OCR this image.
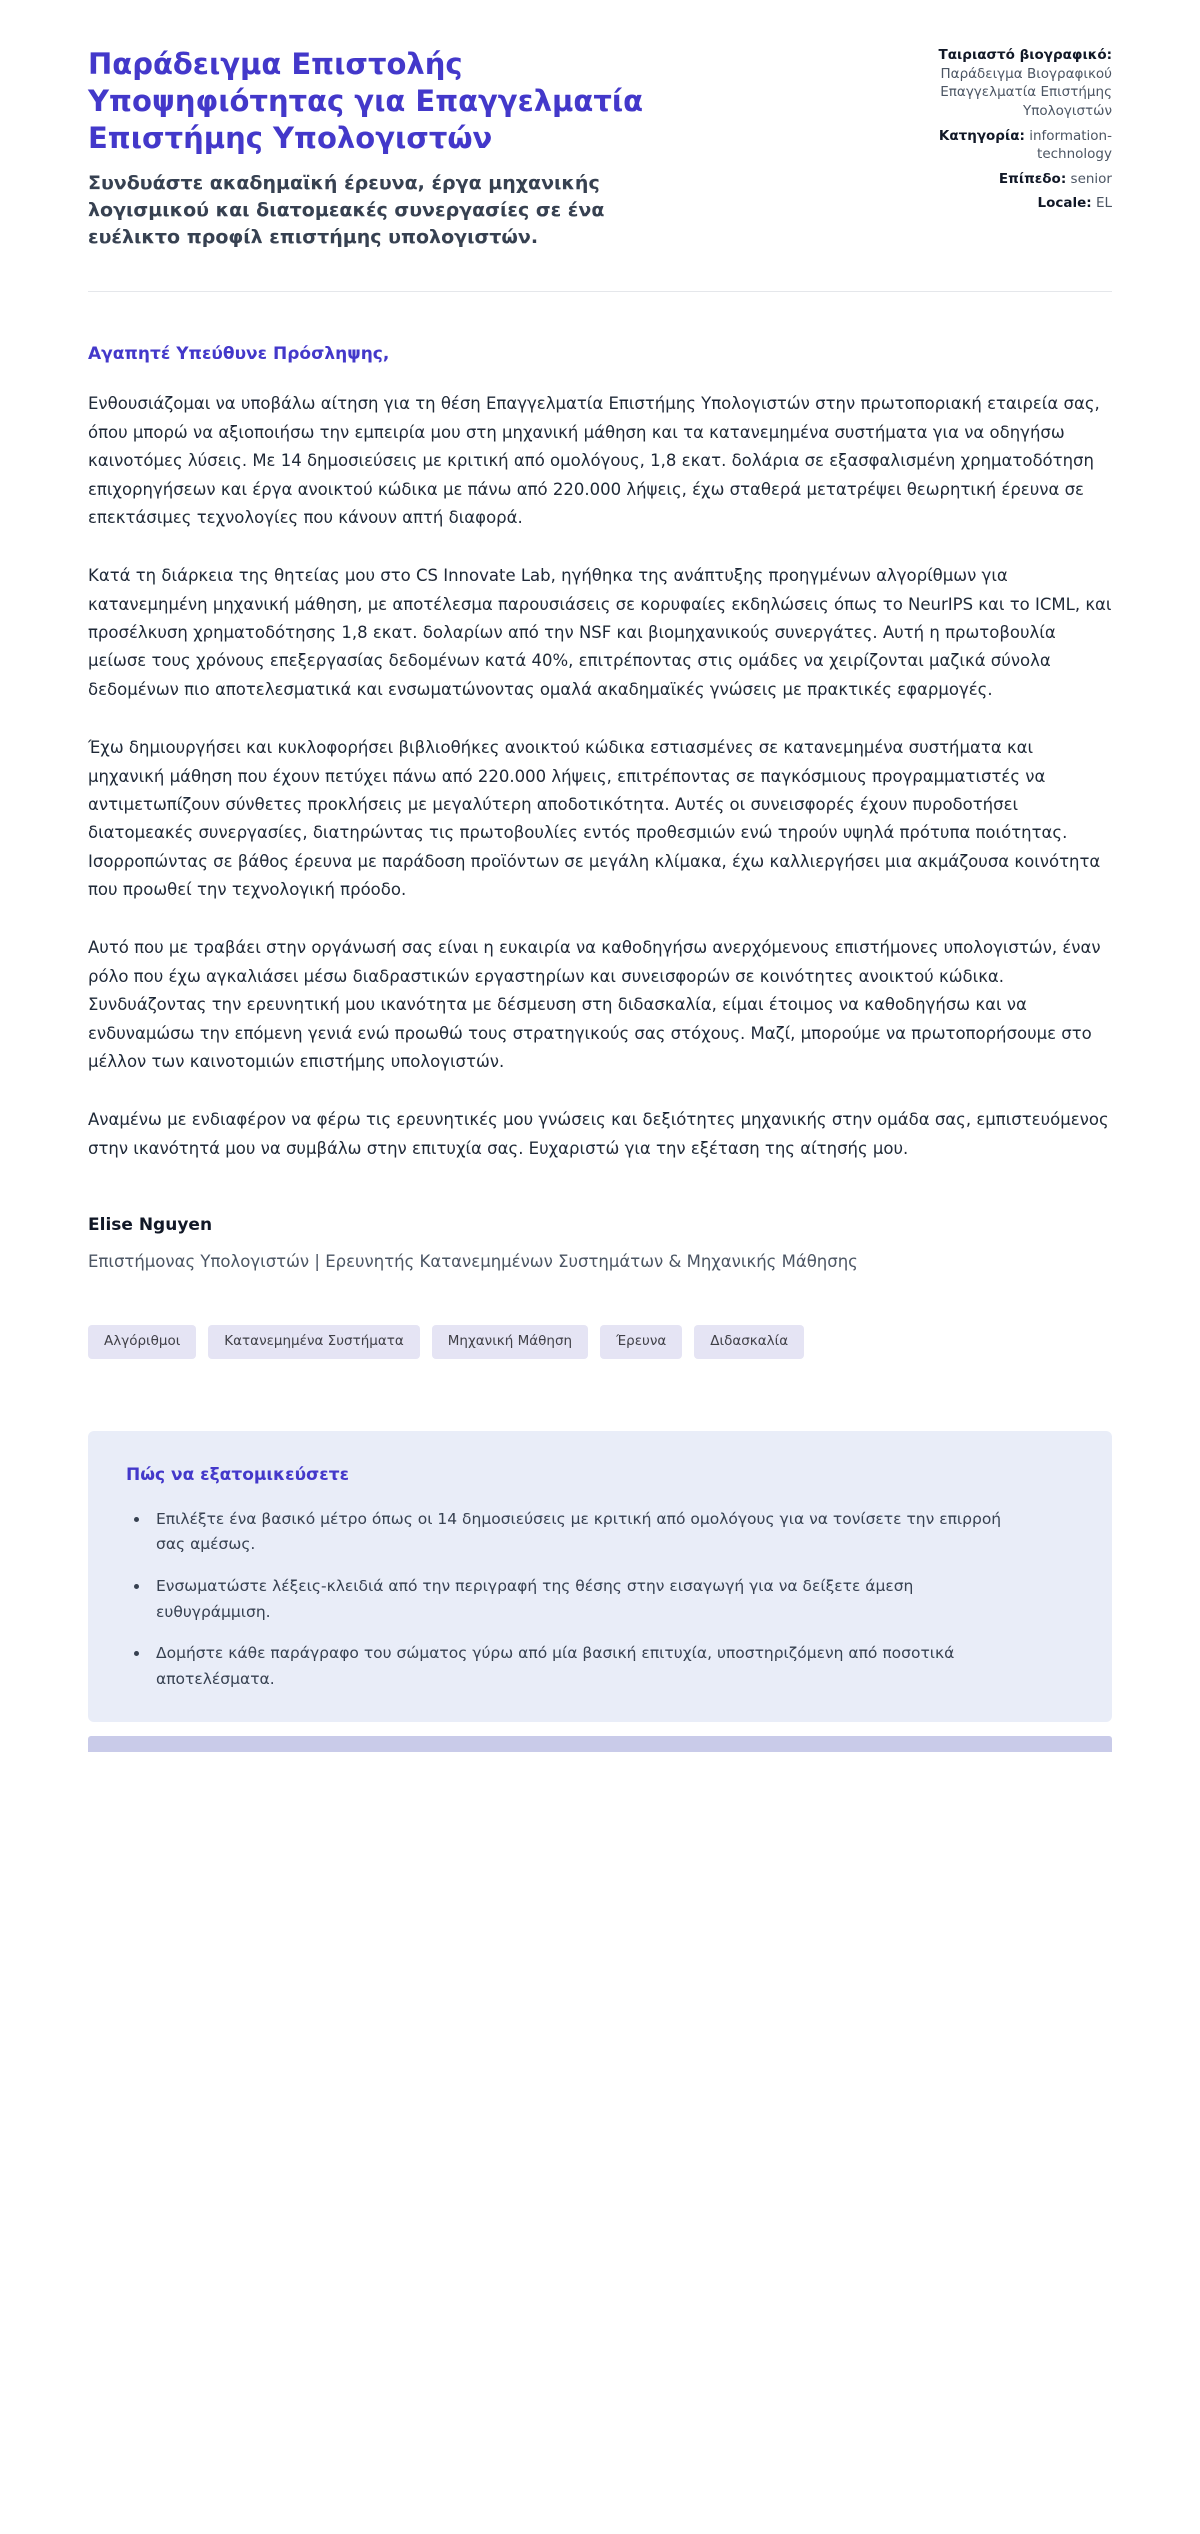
Παράδειγμα Επιστολής Υποψηφιότητας για Επαγγελματία Επιστήμης Υπολογιστών

Συνδυάστε ακαδημαϊκή έρευνα, έργα μηχανικής λογισμικού και διατομεακές συνεργασίες σε ένα ευέλικτο προφίλ επιστήμης υπολογιστών.

Ταιριαστό βιογραφικό: Παράδειγμα Βιογραφικού Επαγγελματία Επιστήμης Υπολογιστών
Κατηγορία: information-technology
Επίπεδο: senior
Locale: EL

Αγαπητέ Υπεύθυνε Πρόσληψης,

Ενθουσιάζομαι να υποβάλω αίτηση για τη θέση Επαγγελματία Επιστήμης Υπολογιστών στην πρωτοποριακή εταιρεία σας, όπου μπορώ να αξιοποιήσω την εμπειρία μου στη μηχανική μάθηση και τα κατανεμημένα συστήματα για να οδηγήσω καινοτόμες λύσεις. Με 14 δημοσιεύσεις με κριτική από ομολόγους, 1,8 εκατ. δολάρια σε εξασφαλισμένη χρηματοδότηση επιχορηγήσεων και έργα ανοικτού κώδικα με πάνω από 220.000 λήψεις, έχω σταθερά μετατρέψει θεωρητική έρευνα σε επεκτάσιμες τεχνολογίες που κάνουν απτή διαφορά.

Κατά τη διάρκεια της θητείας μου στο CS Innovate Lab, ηγήθηκα της ανάπτυξης προηγμένων αλγορίθμων για κατανεμημένη μηχανική μάθηση, με αποτέλεσμα παρουσιάσεις σε κορυφαίες εκδηλώσεις όπως το NeurIPS και το ICML, και προσέλκυση χρηματοδότησης 1,8 εκατ. δολαρίων από την NSF και βιομηχανικούς συνεργάτες. Αυτή η πρωτοβουλία μείωσε τους χρόνους επεξεργασίας δεδομένων κατά 40%, επιτρέποντας στις ομάδες να χειρίζονται μαζικά σύνολα δεδομένων πιο αποτελεσματικά και ενσωματώνοντας ομαλά ακαδημαϊκές γνώσεις με πρακτικές εφαρμογές.

Έχω δημιουργήσει και κυκλοφορήσει βιβλιοθήκες ανοικτού κώδικα εστιασμένες σε κατανεμημένα συστήματα και μηχανική μάθηση που έχουν πετύχει πάνω από 220.000 λήψεις, επιτρέποντας σε παγκόσμιους προγραμματιστές να αντιμετωπίζουν σύνθετες προκλήσεις με μεγαλύτερη αποδοτικότητα. Αυτές οι συνεισφορές έχουν πυροδοτήσει διατομεακές συνεργασίες, διατηρώντας τις πρωτοβουλίες εντός προθεσμιών ενώ τηρούν υψηλά πρότυπα ποιότητας. Ισορροπώντας σε βάθος έρευνα με παράδοση προϊόντων σε μεγάλη κλίμακα, έχω καλλιεργήσει μια ακμάζουσα κοινότητα που προωθεί την τεχνολογική πρόοδο.

Αυτό που με τραβάει στην οργάνωσή σας είναι η ευκαιρία να καθοδηγήσω ανερχόμενους επιστήμονες υπολογιστών, έναν ρόλο που έχω αγκαλιάσει μέσω διαδραστικών εργαστηρίων και συνεισφορών σε κοινότητες ανοικτού κώδικα. Συνδυάζοντας την ερευνητική μου ικανότητα με δέσμευση στη διδασκαλία, είμαι έτοιμος να καθοδηγήσω και να ενδυναμώσω την επόμενη γενιά ενώ προωθώ τους στρατηγικούς σας στόχους. Μαζί, μπορούμε να πρωτοπορήσουμε στο μέλλον των καινοτομιών επιστήμης υπολογιστών.

Αναμένω με ενδιαφέρον να φέρω τις ερευνητικές μου γνώσεις και δεξιότητες μηχανικής στην ομάδα σας, εμπιστευόμενος στην ικανότητά μου να συμβάλω στην επιτυχία σας. Ευχαριστώ για την εξέταση της αίτησής μου.

Elise Nguyen

Επιστήμονας Υπολογιστών | Ερευνητής Κατανεμημένων Συστημάτων & Μηχανικής Μάθησης

Αλγόριθμοι	Κατανεμημένα Συστήματα	Μηχανική Μάθηση	Έρευνα	Διδασκαλία
Πώς να εξατομικεύσετε
• Επιλέξτε ένα βασικό μέτρο όπως οι 14 δημοσιεύσεις με κριτική από ομολόγους για να τονίσετε την επιρροή σας αμέσως.
• Ενσωματώστε λέξεις-κλειδιά από την περιγραφή της θέσης στην εισαγωγή για να δείξετε άμεση ευθυγράμμιση.
• Δομήστε κάθε παράγραφο του σώματος γύρω από μία βασική επιτυχία, υποστηριζόμενη από ποσοτικά αποτελέσματα.
